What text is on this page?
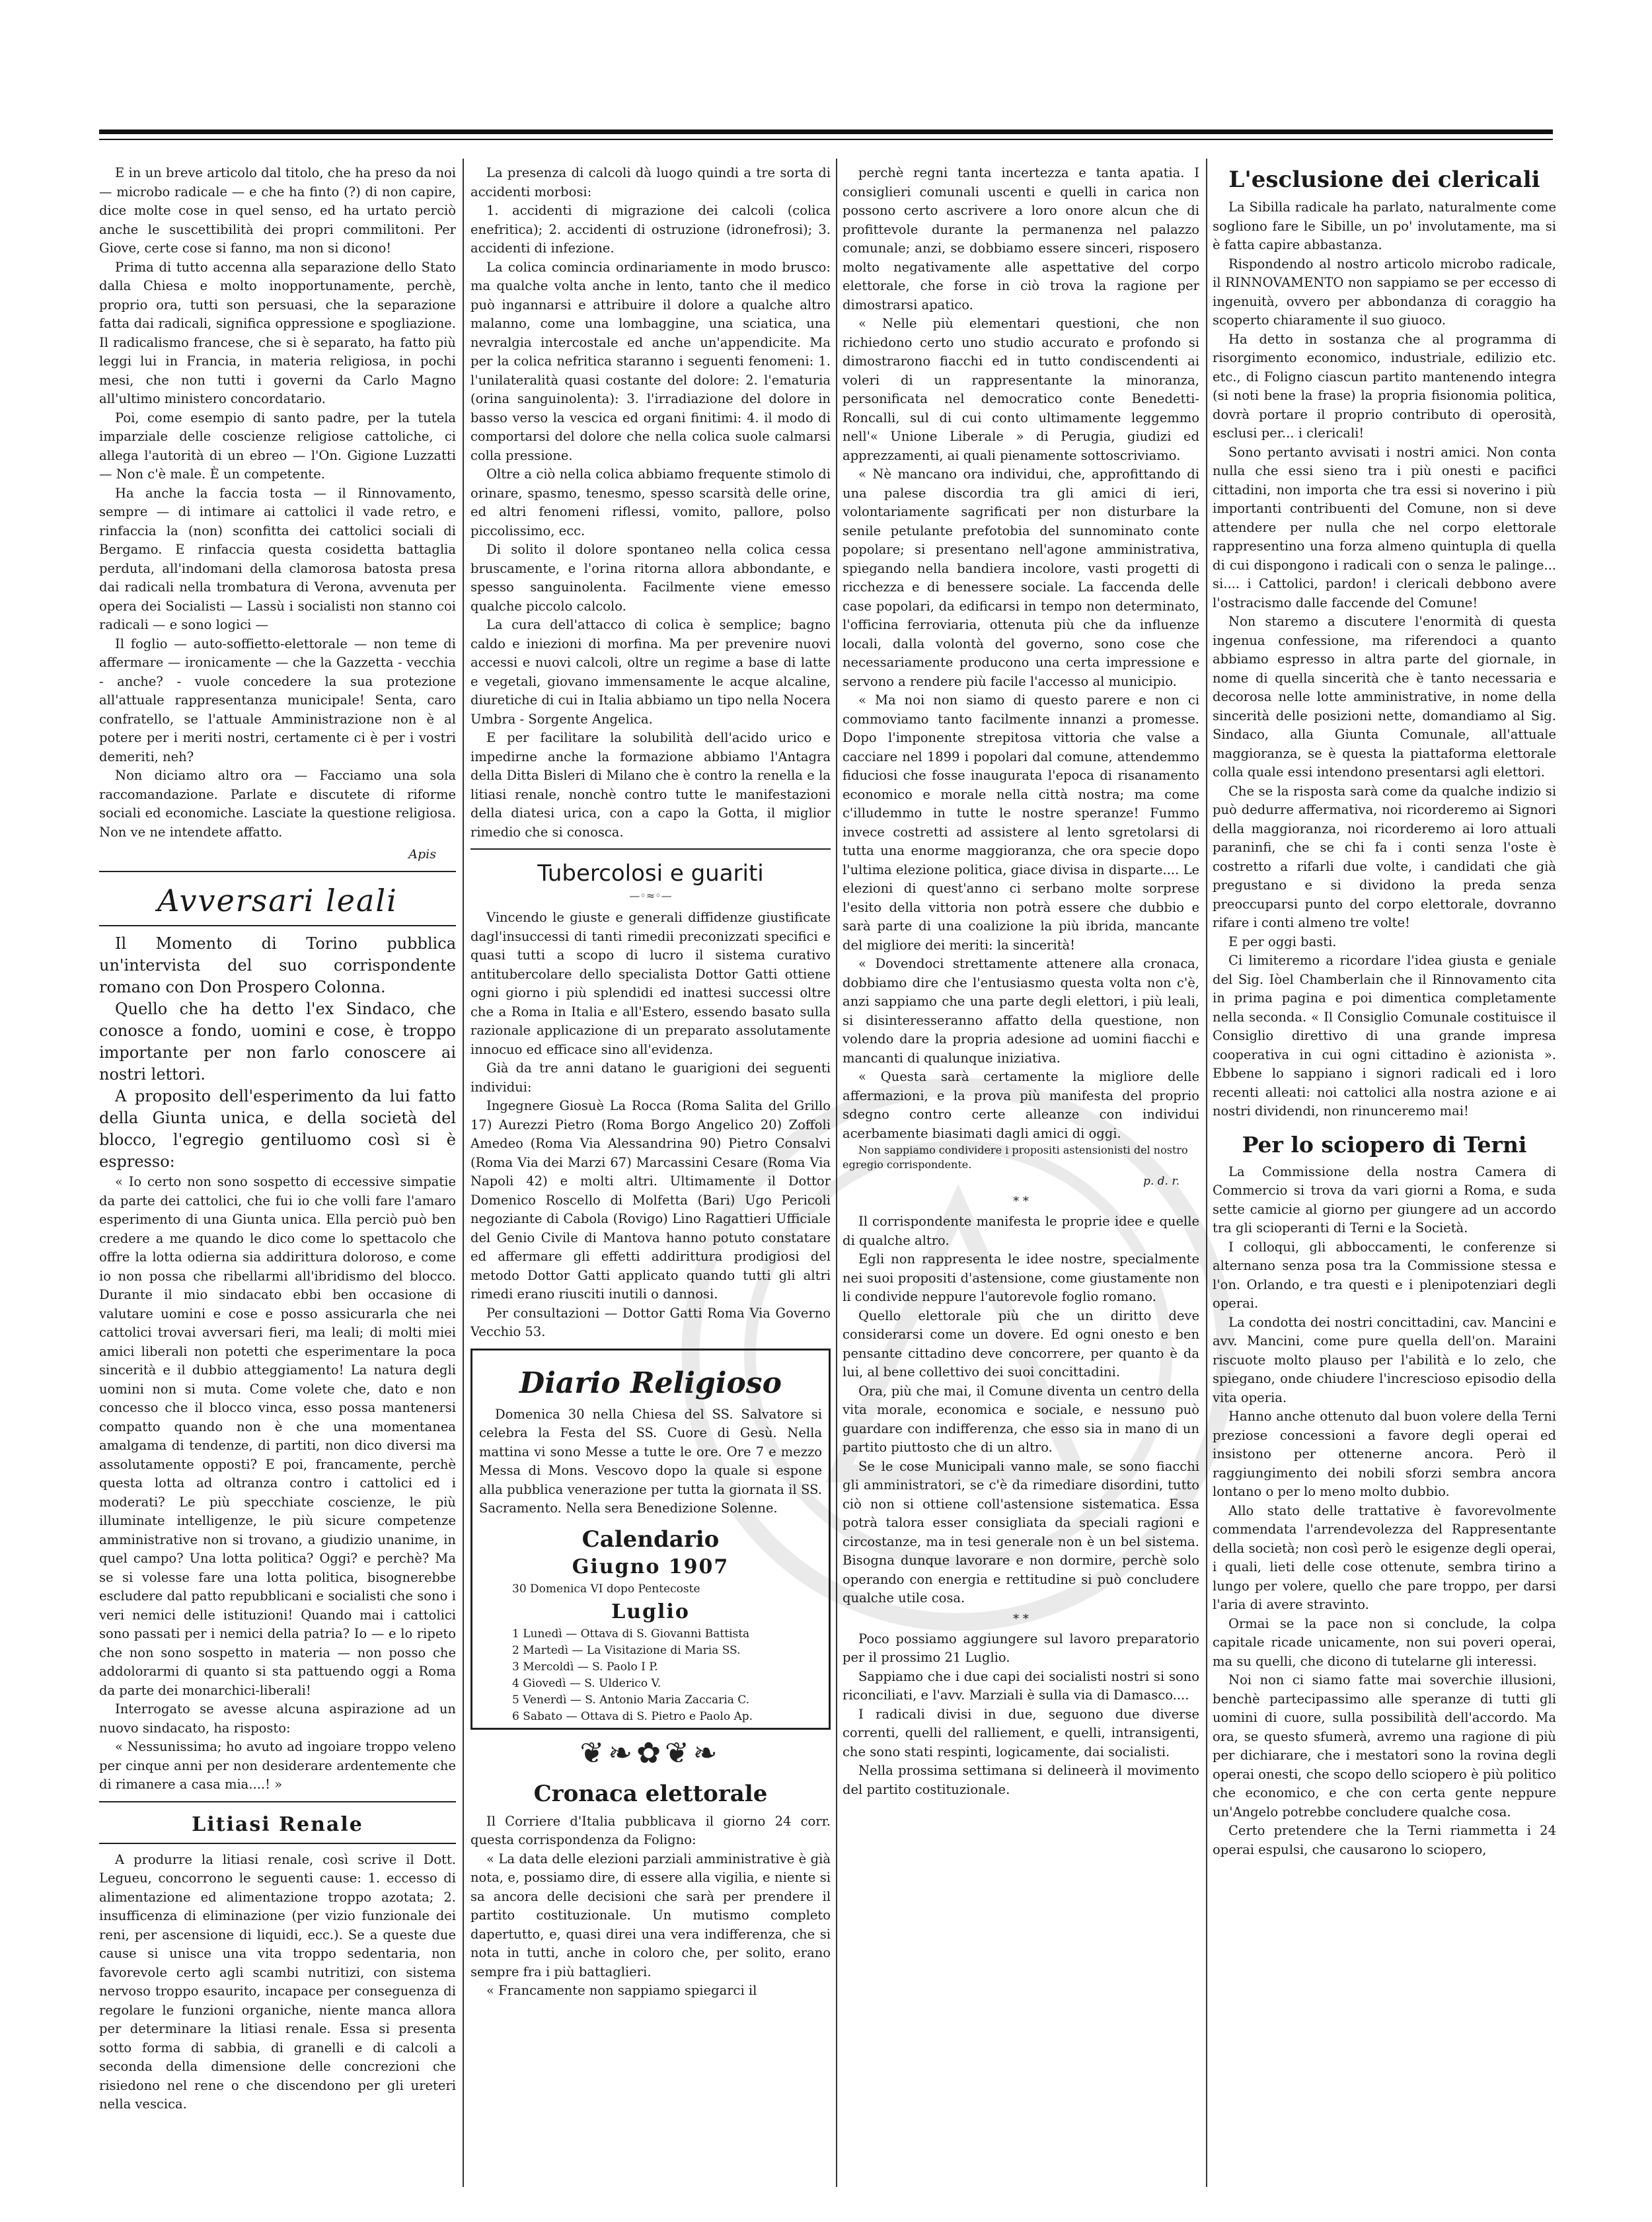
E in un breve articolo dal titolo, che ha preso da noi — microbo radicale — e che ha finto (?) di non capire, dice molte cose in quel senso, ed ha urtato perciò anche le suscettibilità dei propri commilitoni. Per Giove, certe cose si fanno, ma non si dicono!

Prima di tutto accenna alla separazione dello Stato dalla Chiesa e molto inopportunamente, perchè, proprio ora, tutti son persuasi, che la separazione fatta dai radicali, significa oppressione e spogliazione. Il radicalismo francese, che si è separato, ha fatto più leggi lui in Francia, in materia religiosa, in pochi mesi, che non tutti i governi da Carlo Magno all'ultimo ministero concordatario.

Poi, come esempio di santo padre, per la tutela imparziale delle coscienze religiose cattoliche, ci allega l'autorità di un ebreo — l'On. Gigione Luzzatti — Non c'è male. È un competente.

Ha anche la faccia tosta — il Rinnovamento, sempre — di intimare ai cattolici il vade retro, e rinfaccia la (non) sconfitta dei cattolici sociali di Bergamo. E rinfaccia questa cosidetta battaglia perduta, all'indomani della clamorosa batosta presa dai radicali nella trombatura di Verona, avvenuta per opera dei Socialisti — Lassù i socialisti non stanno coi radicali — e sono logici —

Il foglio — auto-soffietto-elettorale — non teme di affermare — ironicamente — che la Gazzetta - vecchia - anche? - vuole concedere la sua protezione all'attuale rappresentanza municipale! Senta, caro confratello, se l'attuale Amministrazione non è al potere per i meriti nostri, certamente ci è per i vostri demeriti, neh?

Non diciamo altro ora — Facciamo una sola raccomandazione. Parlate e discutete di riforme sociali ed economiche. Lasciate la questione religiosa. Non ve ne intendete affatto.

Apis
Avversari leali

Il Momento di Torino pubblica un'intervista del suo corrispondente romano con Don Prospero Colonna.

Quello che ha detto l'ex Sindaco, che conosce a fondo, uomini e cose, è troppo importante per non farlo conoscere ai nostri lettori.

A proposito dell'esperimento da lui fatto della Giunta unica, e della società del blocco, l'egregio gentiluomo così si è espresso:

« Io certo non sono sospetto di eccessive simpatie da parte dei cattolici, che fui io che volli fare l'amaro esperimento di una Giunta unica. Ella perciò può ben credere a me quando le dico come lo spettacolo che offre la lotta odierna sia addirittura doloroso, e come io non possa che ribellarmi all'ibridismo del blocco. Durante il mio sindacato ebbi ben occasione di valutare uomini e cose e posso assicurarla che nei cattolici trovai avversari fieri, ma leali; di molti miei amici liberali non potetti che esperimentare la poca sincerità e il dubbio atteggiamento! La natura degli uomini non si muta. Come volete che, dato e non concesso che il blocco vinca, esso possa mantenersi compatto quando non è che una momentanea amalgama di tendenze, di partiti, non dico diversi ma assolutamente opposti? E poi, francamente, perchè questa lotta ad oltranza contro i cattolici ed i moderati? Le più specchiate coscienze, le più illuminate intelligenze, le più sicure competenze amministrative non si trovano, a giudizio unanime, in quel campo? Una lotta politica? Oggi? e perchè? Ma se si volesse fare una lotta politica, bisognerebbe escludere dal patto repubblicani e socialisti che sono i veri nemici delle istituzioni! Quando mai i cattolici sono passati per i nemici della patria? Io — e lo ripeto che non sono sospetto in materia — non posso che addolorarmi di quanto si sta pattuendo oggi a Roma da parte dei monarchici-liberali!

Interrogato se avesse alcuna aspirazione ad un nuovo sindacato, ha risposto:

« Nessunissima; ho avuto ad ingoiare troppo veleno per cinque anni per non desiderare ardentemente che di rimanere a casa mia....! »

Litiasi Renale

A produrre la litiasi renale, così scrive il Dott. Legueu, concorrono le seguenti cause: 1. eccesso di alimentazione ed alimentazione troppo azotata; 2. insufficenza di eliminazione (per vizio funzionale dei reni, per ascensione di liquidi, ecc.). Se a queste due cause si unisce una vita troppo sedentaria, non favorevole certo agli scambi nutritizi, con sistema nervoso troppo esaurito, incapace per conseguenza di regolare le funzioni organiche, niente manca allora per determinare la litiasi renale. Essa si presenta sotto forma di sabbia, di granelli e di calcoli a seconda della dimensione delle concrezioni che risiedono nel rene o che discendono per gli ureteri nella vescica.

La presenza di calcoli dà luogo quindi a tre sorta di accidenti morbosi:

1. accidenti di migrazione dei calcoli (colica enefritica); 2. accidenti di ostruzione (idronefrosi); 3. accidenti di infezione.

La colica comincia ordinariamente in modo brusco: ma qualche volta anche in lento, tanto che il medico può ingannarsi e attribuire il dolore a qualche altro malanno, come una lombaggine, una sciatica, una nevralgia intercostale ed anche un'appendicite. Ma per la colica nefritica staranno i seguenti fenomeni: 1. l'unilateralità quasi costante del dolore: 2. l'ematuria (orina sanguinolenta): 3. l'irradiazione del dolore in basso verso la vescica ed organi finitimi: 4. il modo di comportarsi del dolore che nella colica suole calmarsi colla pressione.

Oltre a ciò nella colica abbiamo frequente stimolo di orinare, spasmo, tenesmo, spesso scarsità delle orine, ed altri fenomeni riflessi, vomito, pallore, polso piccolissimo, ecc.

Di solito il dolore spontaneo nella colica cessa bruscamente, e l'orina ritorna allora abbondante, e spesso sanguinolenta. Facilmente viene emesso qualche piccolo calcolo.

La cura dell'attacco di colica è semplice; bagno caldo e iniezioni di morfina. Ma per prevenire nuovi accessi e nuovi calcoli, oltre un regime a base di latte e vegetali, giovano immensamente le acque alcaline, diuretiche di cui in Italia abbiamo un tipo nella Nocera Umbra - Sorgente Angelica.

E per facilitare la solubilità dell'acido urico e impedirne anche la formazione abbiamo l'Antagra della Ditta Bisleri di Milano che è contro la renella e la litiasi renale, nonchè contro tutte le manifestazioni della diatesi urica, con a capo la Gotta, il miglior rimedio che si conosca.

Tubercolosi e guariti
—◦≈◦—

Vincendo le giuste e generali diffidenze giustificate dagl'insuccessi di tanti rimedii preconizzati specifici e quasi tutti a scopo di lucro il sistema curativo antitubercolare dello specialista Dottor Gatti ottiene ogni giorno i più splendidi ed inattesi successi oltre che a Roma in Italia e all'Estero, essendo basato sulla razionale applicazione di un preparato assolutamente innocuo ed efficace sino all'evidenza.

Già da tre anni datano le guarigioni dei seguenti individui:

Ingegnere Giosuè La Rocca (Roma Salita del Grillo 17) Aurezzi Pietro (Roma Borgo Angelico 20) Zoffoli Amedeo (Roma Via Alessandrina 90) Pietro Consalvi (Roma Via dei Marzi 67) Marcassini Cesare (Roma Via Napoli 42) e molti altri. Ultimamente il Dottor Domenico Roscello di Molfetta (Bari) Ugo Pericoli negoziante di Cabola (Rovigo) Lino Ragattieri Ufficiale del Genio Civile di Mantova hanno potuto constatare ed affermare gli effetti addirittura prodigiosi del metodo Dottor Gatti applicato quando tutti gli altri rimedi erano riusciti inutili o dannosi.

Per consultazioni — Dottor Gatti Roma Via Governo Vecchio 53.

Diario Religioso

Domenica 30 nella Chiesa del SS. Salvatore si celebra la Festa del SS. Cuore di Gesù. Nella mattina vi sono Messe a tutte le ore. Ore 7 e mezzo Messa di Mons. Vescovo dopo la quale si espone alla pubblica venerazione per tutta la giornata il SS. Sacramento. Nella sera Benedizione Solenne.

Calendario
Giugno 1907
30 Domenica VI dopo Pentecoste
Luglio
1 Lunedì — Ottava di S. Giovanni Battista
2 Martedì — La Visitazione di Maria SS.
3 Mercoldì — S. Paolo I P.
4 Giovedì — S. Ulderico V.
5 Venerdì — S. Antonio Maria Zaccaria C.
6 Sabato — Ottava di S. Pietro e Paolo Ap.
❦❧✿❦❧
Cronaca elettorale

Il Corriere d'Italia pubblicava il giorno 24 corr. questa corrispondenza da Foligno:

« La data delle elezioni parziali amministrative è già nota, e, possiamo dire, di essere alla vigilia, e niente si sa ancora delle decisioni che sarà per prendere il partito costituzionale. Un mutismo completo dapertutto, e, quasi direi una vera indifferenza, che si nota in tutti, anche in coloro che, per solito, erano sempre fra i più battaglieri.

« Francamente non sappiamo spiegarci il

perchè regni tanta incertezza e tanta apatia. I consiglieri comunali uscenti e quelli in carica non possono certo ascrivere a loro onore alcun che di profittevole durante la permanenza nel palazzo comunale; anzi, se dobbiamo essere sinceri, risposero molto negativamente alle aspettative del corpo elettorale, che forse in ciò trova la ragione per dimostrarsi apatico.

« Nelle più elementari questioni, che non richiedono certo uno studio accurato e profondo si dimostrarono fiacchi ed in tutto condiscendenti ai voleri di un rappresentante la minoranza, personificata nel democratico conte Benedetti-Roncalli, sul di cui conto ultimamente leggemmo nell'« Unione Liberale » di Perugia, giudizi ed apprezzamenti, ai quali pienamente sottoscriviamo.

« Nè mancano ora individui, che, approfittando di una palese discordia tra gli amici di ieri, volontariamente sagrificati per non disturbare la senile petulante prefotobia del sunnominato conte popolare; si presentano nell'agone amministrativa, spiegando nella bandiera incolore, vasti progetti di ricchezza e di benessere sociale. La faccenda delle case popolari, da edificarsi in tempo non determinato, l'officina ferroviaria, ottenuta più che da influenze locali, dalla volontà del governo, sono cose che necessariamente producono una certa impressione e servono a rendere più facile l'accesso al municipio.

« Ma noi non siamo di questo parere e non ci commoviamo tanto facilmente innanzi a promesse. Dopo l'imponente strepitosa vittoria che valse a cacciare nel 1899 i popolari dal comune, attendemmo fiduciosi che fosse inaugurata l'epoca di risanamento economico e morale nella città nostra; ma come c'illudemmo in tutte le nostre speranze! Fummo invece costretti ad assistere al lento sgretolarsi di tutta una enorme maggioranza, che ora specie dopo l'ultima elezione politica, giace divisa in disparte.... Le elezioni di quest'anno ci serbano molte sorprese l'esito della vittoria non potrà essere che dubbio e sarà parte di una coalizione la più ibrida, mancante del migliore dei meriti: la sincerità!

« Dovendoci strettamente attenere alla cronaca, dobbiamo dire che l'entusiasmo questa volta non c'è, anzi sappiamo che una parte degli elettori, i più leali, si disinteresseranno affatto della questione, non volendo dare la propria adesione ad uomini fiacchi e mancanti di qualunque iniziativa.

« Questa sarà certamente la migliore delle affermazioni, e la prova più manifesta del proprio sdegno contro certe alleanze con individui acerbamente biasimati dagli amici di oggi.

Non sappiamo condividere i propositi astensionisti del nostro egregio corrispondente.

p. d. r.
* *

Il corrispondente manifesta le proprie idee e quelle di qualche altro.

Egli non rappresenta le idee nostre, specialmente nei suoi propositi d'astensione, come giustamente non li condivide neppure l'autorevole foglio romano.

Quello elettorale più che un diritto deve considerarsi come un dovere. Ed ogni onesto e ben pensante cittadino deve concorrere, per quanto è da lui, al bene collettivo dei suoi concittadini.

Ora, più che mai, il Comune diventa un centro della vita morale, economica e sociale, e nessuno può guardare con indifferenza, che esso sia in mano di un partito piuttosto che di un altro.

Se le cose Municipali vanno male, se sono fiacchi gli amministratori, se c'è da rimediare disordini, tutto ciò non si ottiene coll'astensione sistematica. Essa potrà talora esser consigliata da speciali ragioni e circostanze, ma in tesi generale non è un bel sistema. Bisogna dunque lavorare e non dormire, perchè solo operando con energia e rettitudine si può concludere qualche utile cosa.

* *

Poco possiamo aggiungere sul lavoro preparatorio per il prossimo 21 Luglio.

Sappiamo che i due capi dei socialisti nostri si sono riconciliati, e l'avv. Marziali è sulla via di Damasco....

I radicali divisi in due, seguono due diverse correnti, quelli del ralliement, e quelli, intransigenti, che sono stati respinti, logicamente, dai socialisti.

Nella prossima settimana si delineerà il movimento del partito costituzionale.

L'esclusione dei clericali

La Sibilla radicale ha parlato, naturalmente come sogliono fare le Sibille, un po' involutamente, ma si è fatta capire abbastanza.

Rispondendo al nostro articolo microbo radicale, il RINNOVAMENTO non sappiamo se per eccesso di ingenuità, ovvero per abbondanza di coraggio ha scoperto chiaramente il suo giuoco.

Ha detto in sostanza che al programma di risorgimento economico, industriale, edilizio etc. etc., di Foligno ciascun partito mantenendo integra (si noti bene la frase) la propria fisionomia politica, dovrà portare il proprio contributo di operosità, esclusi per... i clericali!

Sono pertanto avvisati i nostri amici. Non conta nulla che essi sieno tra i più onesti e pacifici cittadini, non importa che tra essi si noverino i più importanti contribuenti del Comune, non si deve attendere per nulla che nel corpo elettorale rappresentino una forza almeno quintupla di quella di cui dispongono i radicali con o senza le palinge... si.... i Cattolici, pardon! i clericali debbono avere l'ostracismo dalle faccende del Comune!

Non staremo a discutere l'enormità di questa ingenua confessione, ma riferendoci a quanto abbiamo espresso in altra parte del giornale, in nome di quella sincerità che è tanto necessaria e decorosa nelle lotte amministrative, in nome della sincerità delle posizioni nette, domandiamo al Sig. Sindaco, alla Giunta Comunale, all'attuale maggioranza, se è questa la piattaforma elettorale colla quale essi intendono presentarsi agli elettori.

Che se la risposta sarà come da qualche indizio si può dedurre affermativa, noi ricorderemo ai Signori della maggioranza, noi ricorderemo ai loro attuali paraninfi, che se chi fa i conti senza l'oste è costretto a rifarli due volte, i candidati che già pregustano e si dividono la preda senza preoccuparsi punto del corpo elettorale, dovranno rifare i conti almeno tre volte!

E per oggi basti.

Ci limiteremo a ricordare l'idea giusta e geniale del Sig. Iòel Chamberlain che il Rinnovamento cita in prima pagina e poi dimentica completamente nella seconda. « Il Consiglio Comunale costituisce il Consiglio direttivo di una grande impresa cooperativa in cui ogni cittadino è azionista ». Ebbene lo sappiano i signori radicali ed i loro recenti alleati: noi cattolici alla nostra azione e ai nostri dividendi, non rinunceremo mai!

Per lo sciopero di Terni

La Commissione della nostra Camera di Commercio si trova da vari giorni a Roma, e suda sette camicie al giorno per giungere ad un accordo tra gli scioperanti di Terni e la Società.

I colloqui, gli abboccamenti, le conferenze si alternano senza posa tra la Commissione stessa e l'on. Orlando, e tra questi e i plenipotenziari degli operai.

La condotta dei nostri concittadini, cav. Mancini e avv. Mancini, come pure quella dell'on. Maraini riscuote molto plauso per l'abilità e lo zelo, che spiegano, onde chiudere l'increscioso episodio della vita operia.

Hanno anche ottenuto dal buon volere della Terni preziose concessioni a favore degli operai ed insistono per ottenerne ancora. Però il raggiungimento dei nobili sforzi sembra ancora lontano o per lo meno molto dubbio.

Allo stato delle trattative è favorevolmente commendata l'arrendevolezza del Rappresentante della società; non così però le esigenze degli operai, i quali, lieti delle cose ottenute, sembra tirino a lungo per volere, quello che pare troppo, per darsi l'aria di avere stravinto.

Ormai se la pace non si conclude, la colpa capitale ricade unicamente, non sui poveri operai, ma su quelli, che dicono di tutelarne gli interessi.

Noi non ci siamo fatte mai soverchie illusioni, benchè partecipassimo alle speranze di tutti gli uomini di cuore, sulla possibilità dell'accordo. Ma ora, se questo sfumerà, avremo una ragione di più per dichiarare, che i mestatori sono la rovina degli operai onesti, che scopo dello sciopero è più politico che economico, e che con certa gente neppure un'Angelo potrebbe concludere qualche cosa.

Certo pretendere che la Terni riammetta i 24 operai espulsi, che causarono lo sciopero,
